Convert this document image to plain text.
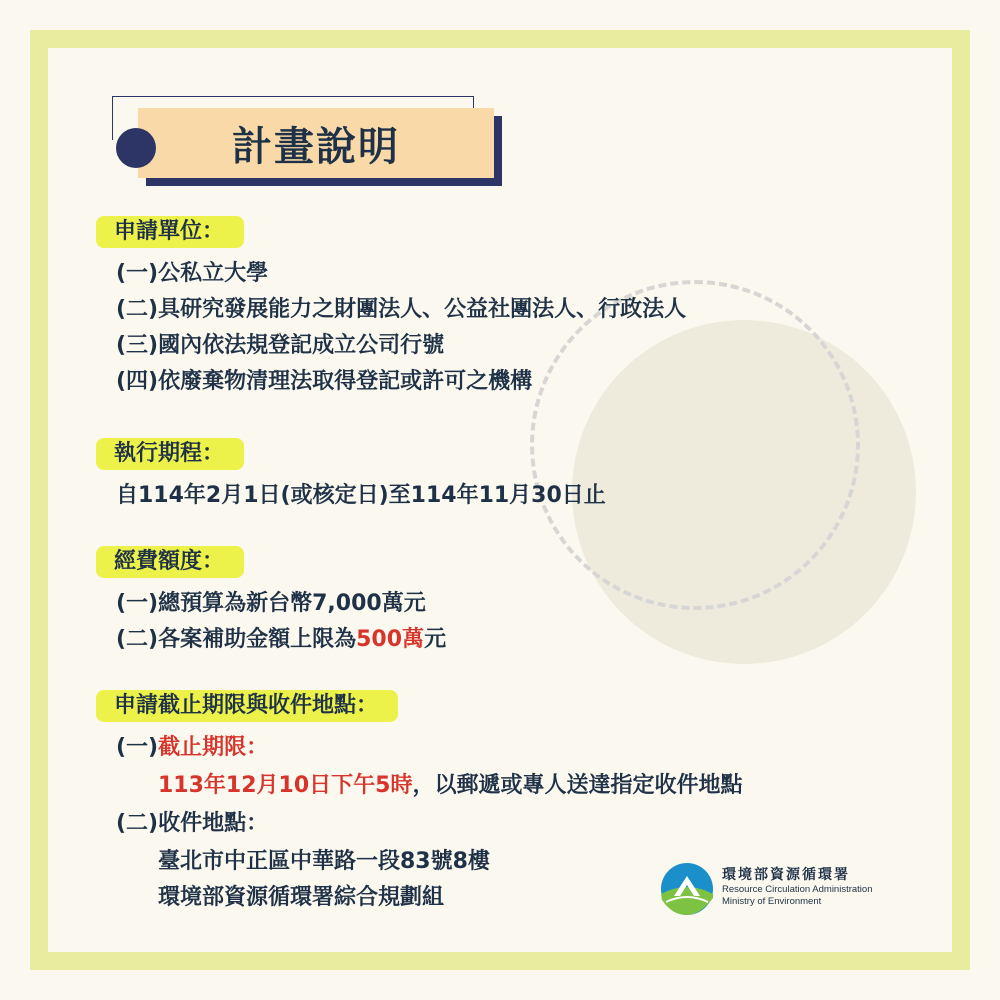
計畫說明
申請單位：
(一)公私立大學
(二)具研究發展能力之財團法人、公益社團法人、行政法人
(三)國內依法規登記成立公司行號
(四)依廢棄物清理法取得登記或許可之機構
執行期程：
自114年2月1日(或核定日)至114年11月30日止
經費額度：
(一)總預算為新台幣7,000萬元
(二)各案補助金額上限為500萬元
申請截止期限與收件地點：
(一)截止期限：
113年12月10日下午5時，以郵遞或專人送達指定收件地點
(二)收件地點：
臺北市中正區中華路一段83號8樓
環境部資源循環署綜合規劃組
環境部資源循環署
Resource Circulation Administration
Ministry of Environment
